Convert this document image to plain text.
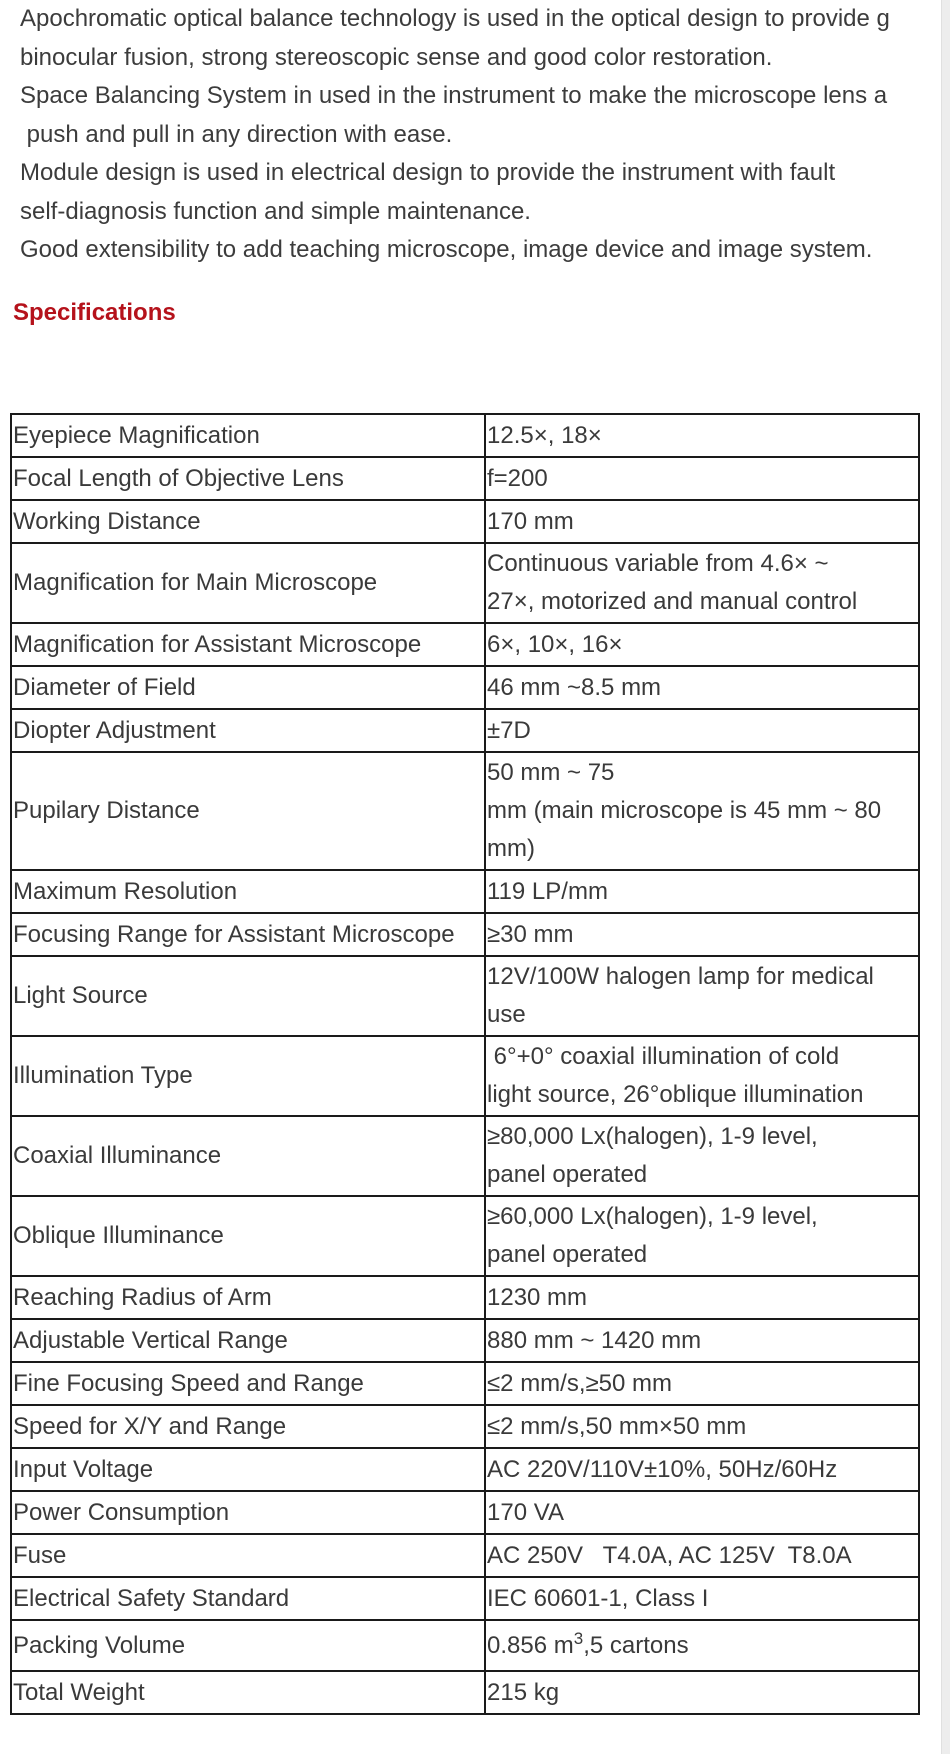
Apochromatic optical balance technology is used in the optical design to provide g
binocular fusion, strong stereoscopic sense and good color restoration.
Space Balancing System in used in the instrument to make the microscope lens a
push and pull in any direction with ease.
Module design is used in electrical design to provide the instrument with fault
self-diagnosis function and simple maintenance.
Good extensibility to add teaching microscope, image device and image system.
Specifications
Eyepiece Magnification	12.5×, 18×
Focal Length of Objective Lens	f=200
Working Distance	170 mm
Magnification for Main Microscope	Continuous variable from 4.6× ~
27×, motorized and manual control
Magnification for Assistant Microscope	6×, 10×, 16×
Diameter of Field	46 mm ~8.5 mm
Diopter Adjustment	±7D
Pupilary Distance	50 mm ~ 75
mm (main microscope is 45 mm ~ 80
mm)
Maximum Resolution	119 LP/mm
Focusing Range for Assistant Microscope	≥30 mm
Light Source	12V/100W halogen lamp for medical
use
Illumination Type	6°+0° coaxial illumination of cold
light source, 26°oblique illumination
Coaxial Illuminance	≥80,000 Lx(halogen), 1-9 level,
panel operated
Oblique Illuminance	≥60,000 Lx(halogen), 1-9 level,
panel operated
Reaching Radius of Arm	1230 mm
Adjustable Vertical Range	880 mm ~ 1420 mm
Fine Focusing Speed and Range	≤2 mm/s,≥50 mm
Speed for X/Y and Range	≤2 mm/s,50 mm×50 mm
Input Voltage	AC 220V/110V±10%, 50Hz/60Hz
Power Consumption	170 VA
Fuse	AC 250V   T4.0A, AC 125V  T8.0A
Electrical Safety Standard	IEC 60601-1, Class I
Packing Volume	0.856 $m^3,5$ cartons
Total Weight	215 kg
